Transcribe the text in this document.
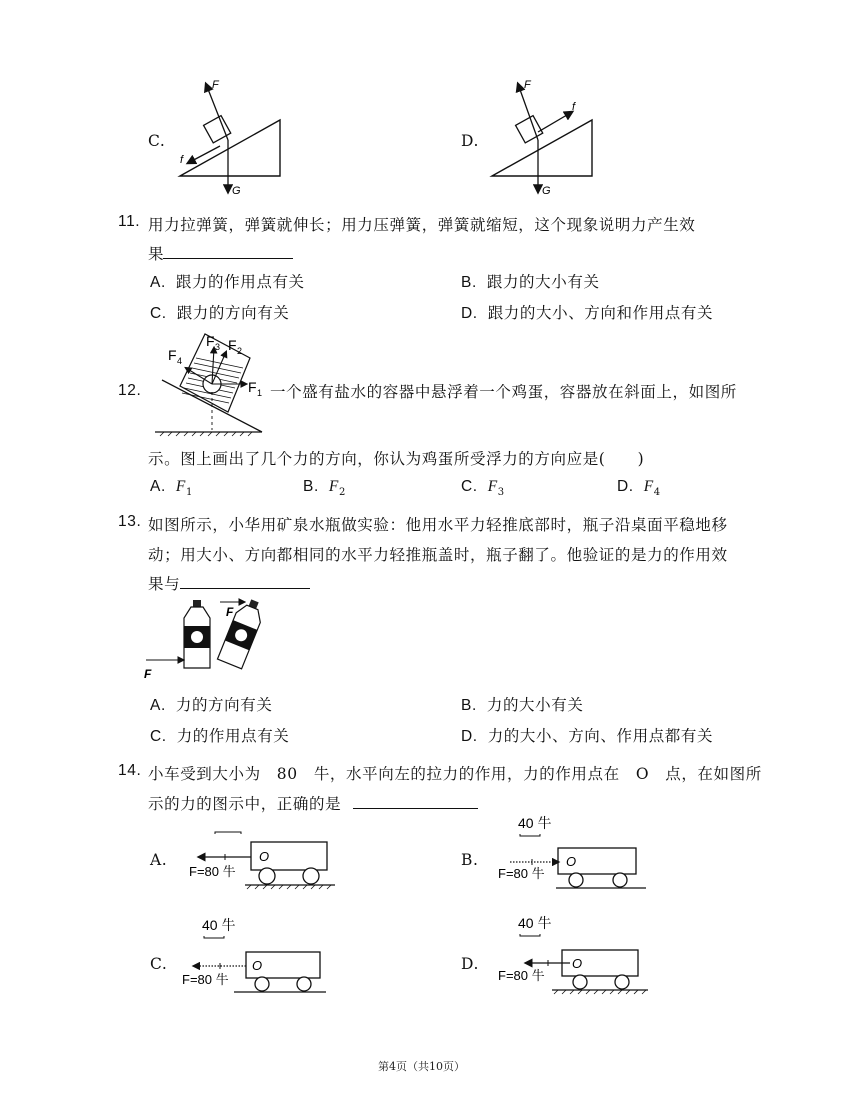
C.
F
f
G
D.
F
f
G
11. 用力拉弹簧，弹簧就伸长；用力压弹簧，弹簧就缩短，这个现象说明力产生效
果
A. 跟力的作用点有关	B. 跟力的大小有关
C. 跟力的方向有关	D. 跟力的大小、方向和作用点有关
12.	F 1
F 2
F 3
F 4
一个盛有盐水的容器中悬浮着一个鸡蛋，容器放在斜面上，如图所
示。图上画出了几个力的方向，你认为鸡蛋所受浮力的方向应是(　　)
A. $F_1$	B. $F_2$	C. $F_3$	D. $F_4$
13. 如图所示，小华用矿泉水瓶做实验：他用水平力轻推底部时，瓶子沿桌面平稳地移
动；用大小、方向都相同的水平力轻推瓶盖时，瓶子翻了。他验证的是力的作用效
果与
F
F
A. 力的方向有关	B. 力的大小有关
C. 力的作用点有关	D. 力的大小、方向、作用点都有关
14. 小车受到大小为　80　牛，水平向左的拉力的作用，力的作用点在　O　点，在如图所
示的力的图示中，正确的是
A.	O
F=80 牛
B.
40 牛
O
F=80 牛
C.
40 牛
O
F=80 牛
D.
40 牛
O
F=80 牛
第4页（共10页）
